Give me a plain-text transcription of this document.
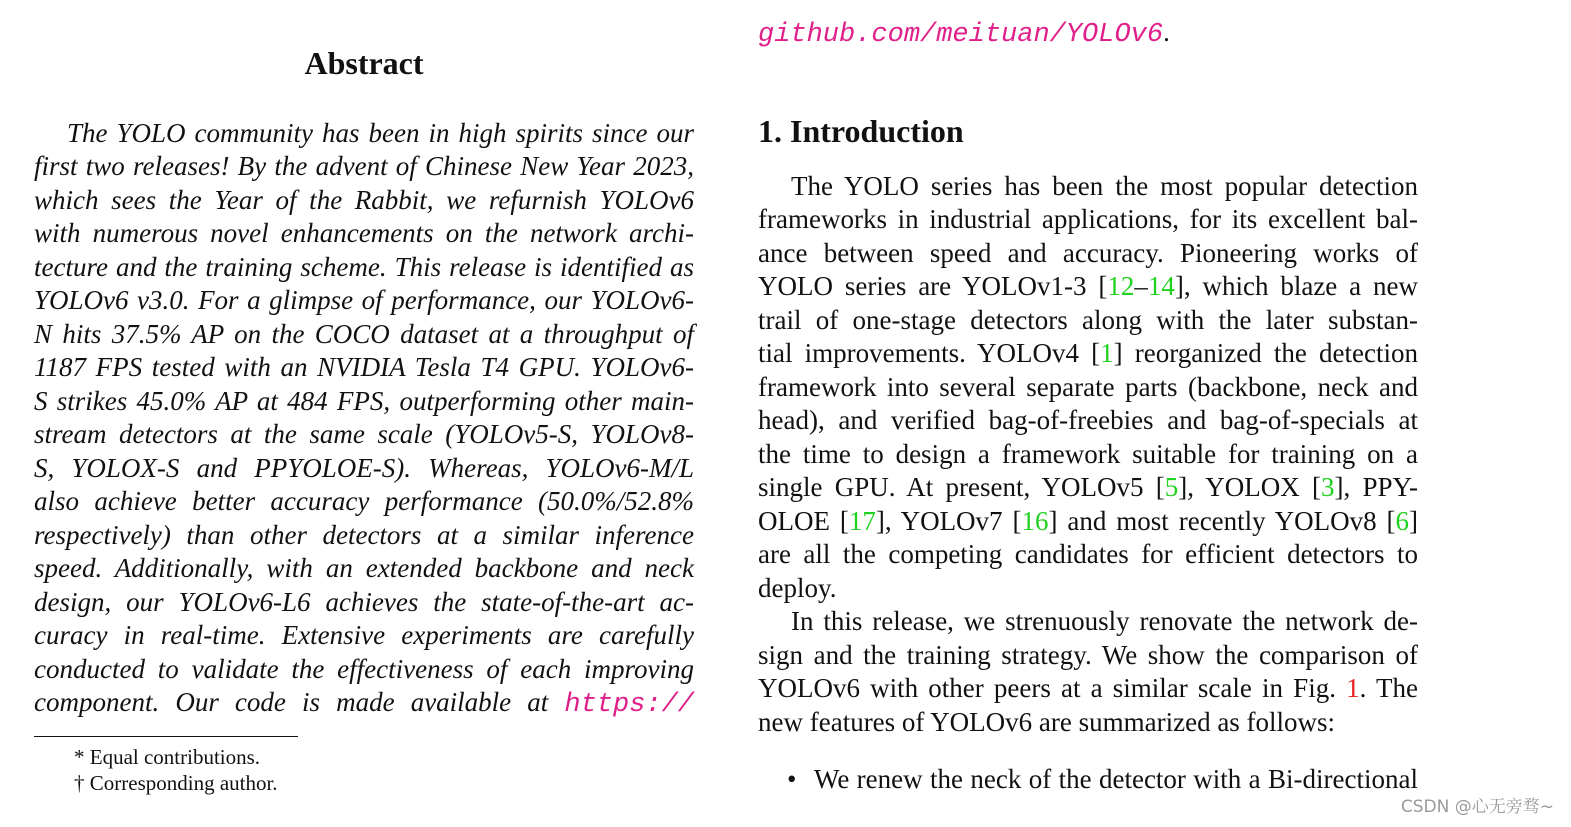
Abstract
The YOLO community has been in high spirits since our
first two releases! By the advent of Chinese New Year 2023,
which sees the Year of the Rabbit, we refurnish YOLOv6
with numerous novel enhancements on the network archi-
tecture and the training scheme. This release is identified as
YOLOv6 v3.0. For a glimpse of performance, our YOLOv6-
N hits 37.5% AP on the COCO dataset at a throughput of
1187 FPS tested with an NVIDIA Tesla T4 GPU. YOLOv6-
S strikes 45.0% AP at 484 FPS, outperforming other main-
stream detectors at the same scale (YOLOv5-S, YOLOv8-
S, YOLOX-S and PPYOLOE-S). Whereas, YOLOv6-M/L
also achieve better accuracy performance (50.0%/52.8%
respectively) than other detectors at a similar inference
speed. Additionally, with an extended backbone and neck
design, our YOLOv6-L6 achieves the state-of-the-art ac-
curacy in real-time. Extensive experiments are carefully
conducted to validate the effectiveness of each improving
component. Our code is made available at https://
* Equal contributions.
† Corresponding author.
github.com/meituan/YOLOv6.
1. Introduction
The YOLO series has been the most popular detection
frameworks in industrial applications, for its excellent bal-
ance between speed and accuracy. Pioneering works of
YOLO series are YOLOv1-3 [12–14], which blaze a new
trail of one-stage detectors along with the later substan-
tial improvements. YOLOv4 [1] reorganized the detection
framework into several separate parts (backbone, neck and
head), and verified bag-of-freebies and bag-of-specials at
the time to design a framework suitable for training on a
single GPU. At present, YOLOv5 [5], YOLOX [3], PPY-
OLOE [17], YOLOv7 [16] and most recently YOLOv8 [6]
are all the competing candidates for efficient detectors to
deploy.
In this release, we strenuously renovate the network de-
sign and the training strategy. We show the comparison of
YOLOv6 with other peers at a similar scale in Fig. 1. The
new features of YOLOv6 are summarized as follows:
• We renew the neck of the detector with a Bi-directional
CSDN @心无旁骛~
